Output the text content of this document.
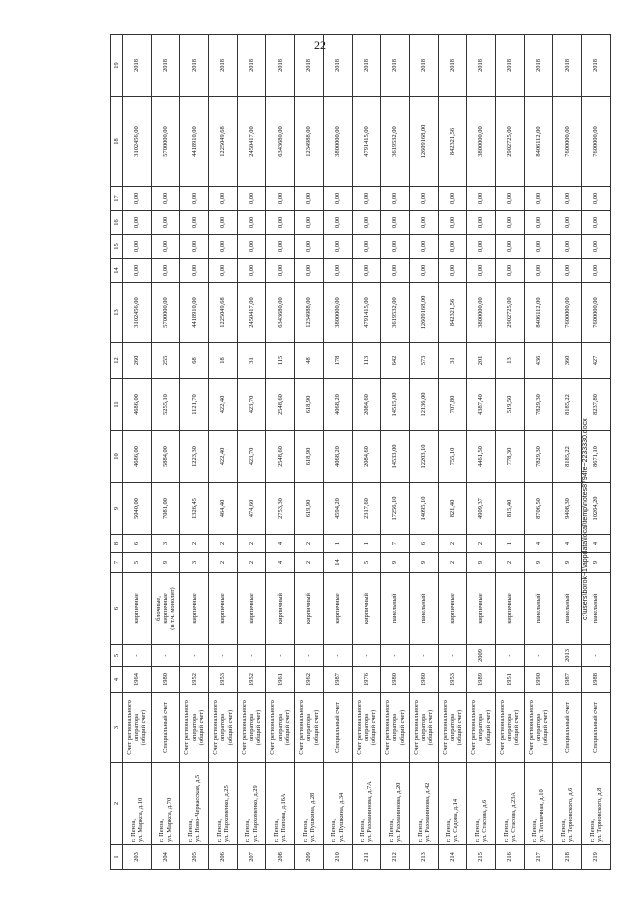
22
1	2	3	4	5	6	7	8	9	10	11	12	13	14	15	16	17	18	19
203	г. Пенза,
ул. Маркса, д.10	Счет регионального
оператора
(общий счет)	1964	-	кирпичные	5	6	5040,00	4686,00	4686,00	260	3102456,00	0,00	0,00	0,00	0,00	3102456,00	2018
204	г. Пенза,
ул. Маркса, д.70	Специальный счет	1980	-	блочные,
кирпичные
(в т.ч. монолит)	9	3	7081,00	5884,00	5255,10	255	5700000,00	0,00	0,00	0,00	0,00	5700000,00	2018
205	г. Пенза,
ул. Ново-Черкасская, д.5	Счет регионального
оператора
(общий счет)	1952	-	кирпичные	3	2	1326,45	1223,30	1121,70	68	4418910,00	0,00	0,00	0,00	0,00	4418910,00	2018
206	г. Пенза,
ул. Пархоменко, д.25	Счет регионального
оператора
(общий счет)	1953	-	кирпичные	2	2	464,40	422,40	422,40	18	1225049,68	0,00	0,00	0,00	0,00	1225049,68	2018
207	г. Пенза,
ул. Пархоменко, д.29	Счет регионального
оператора
(общий счет)	1952	-	кирпичные	2	2	474,60	423,70	423,70	31	2450417,00	0,00	0,00	0,00	0,00	2450417,00	2018
208	г. Пенза,
ул. Попова, д.16А	Счет регионального
оператора
(общий счет)	1961	-	кирпичный	4	4	2753,30	2548,60	2548,60	115	6343680,00	0,00	0,00	0,00	0,00	6343680,00	2018
209	г. Пенза,
ул. Пушкина, д.28	Счет регионального
оператора
(общий счет)	1962	-	кирпичный	2	2	619,90	618,90	618,90	48	1234988,00	0,00	0,00	0,00	0,00	1234988,00	2018
210	г. Пенза,
ул. Пушкина, д.34	Специальный счет	1987	-	кирпичные	14	1	4594,20	4068,20	4068,20	178	3800000,00	0,00	0,00	0,00	0,00	3800000,00	2018
211	г. Пенза,
ул. Рахманинова, д.7А	Счет регионального
оператора
(общий счет)	1976	-	кирпичный	5	1	2317,60	2084,60	2084,60	113	4791415,00	0,00	0,00	0,00	0,00	4791415,00	2018
212	г. Пенза,
ул. Рахманинова, д.20	Счет регионального
оператора
(общий счет)	1980	-	панельный	9	7	17256,10	14533,00	14515,00	642	3619532,00	0,00	0,00	0,00	0,00	3619532,00	2018
213	г. Пенза,
ул. Рахманинова, д.42	Счет регионального
оператора
(общий счет)	1980	-	панельный	9	6	14095,10	12203,10	12136,00	573	12609168,00	0,00	0,00	0,00	0,00	12609168,00	2018
214	г. Пенза,
ул. Седова, д.14	Счет регионального
оператора
(общий счет)	1953	-	кирпичные	2	2	821,40	755,10	707,80	31	842321,56	0,00	0,00	0,00	0,00	842321,56	2018
215	г. Пенза,
ул. Стасова, д.6	Счет регионального
оператора
(общий счет)	1989	2009	кирпичные	9	2	4909,37	4461,50	4387,40	201	3800000,00	0,00	0,00	0,00	0,00	3800000,00	2018
216	г. Пенза,
ул. Стасова, д.23А	Счет регионального
оператора
(общий счет)	1951	-	кирпичные	2	1	815,40	778,30	519,50	13	2902725,00	0,00	0,00	0,00	0,00	2902725,00	2018
217	г. Пенза,
ул. Тепличная, д.10	Счет регионального
оператора
(общий счет)	1990	-	панельный	9	4	8706,50	7829,30	7829,30	436	8406112,00	0,00	0,00	0,00	0,00	8406112,00	2018
218	г. Пенза,
ул. Терновского, д.6	Специальный счет	1987	2013	панельный	9	4	9408,30	8185,22	8185,22	360	7600000,00	0,00	0,00	0,00	0,00	7600000,00	2018
219	г. Пенза,
ул. Терновского, д.8	Специальный счет	1988	-	панельный	9	4	10264,20	8671,10	8237,80	427	7600000,00	0,00	0,00	0,00	0,00	7600000,00	2018
c:\users\borok~1\appdata\local\temp\notes8794fe~2233330.docx
